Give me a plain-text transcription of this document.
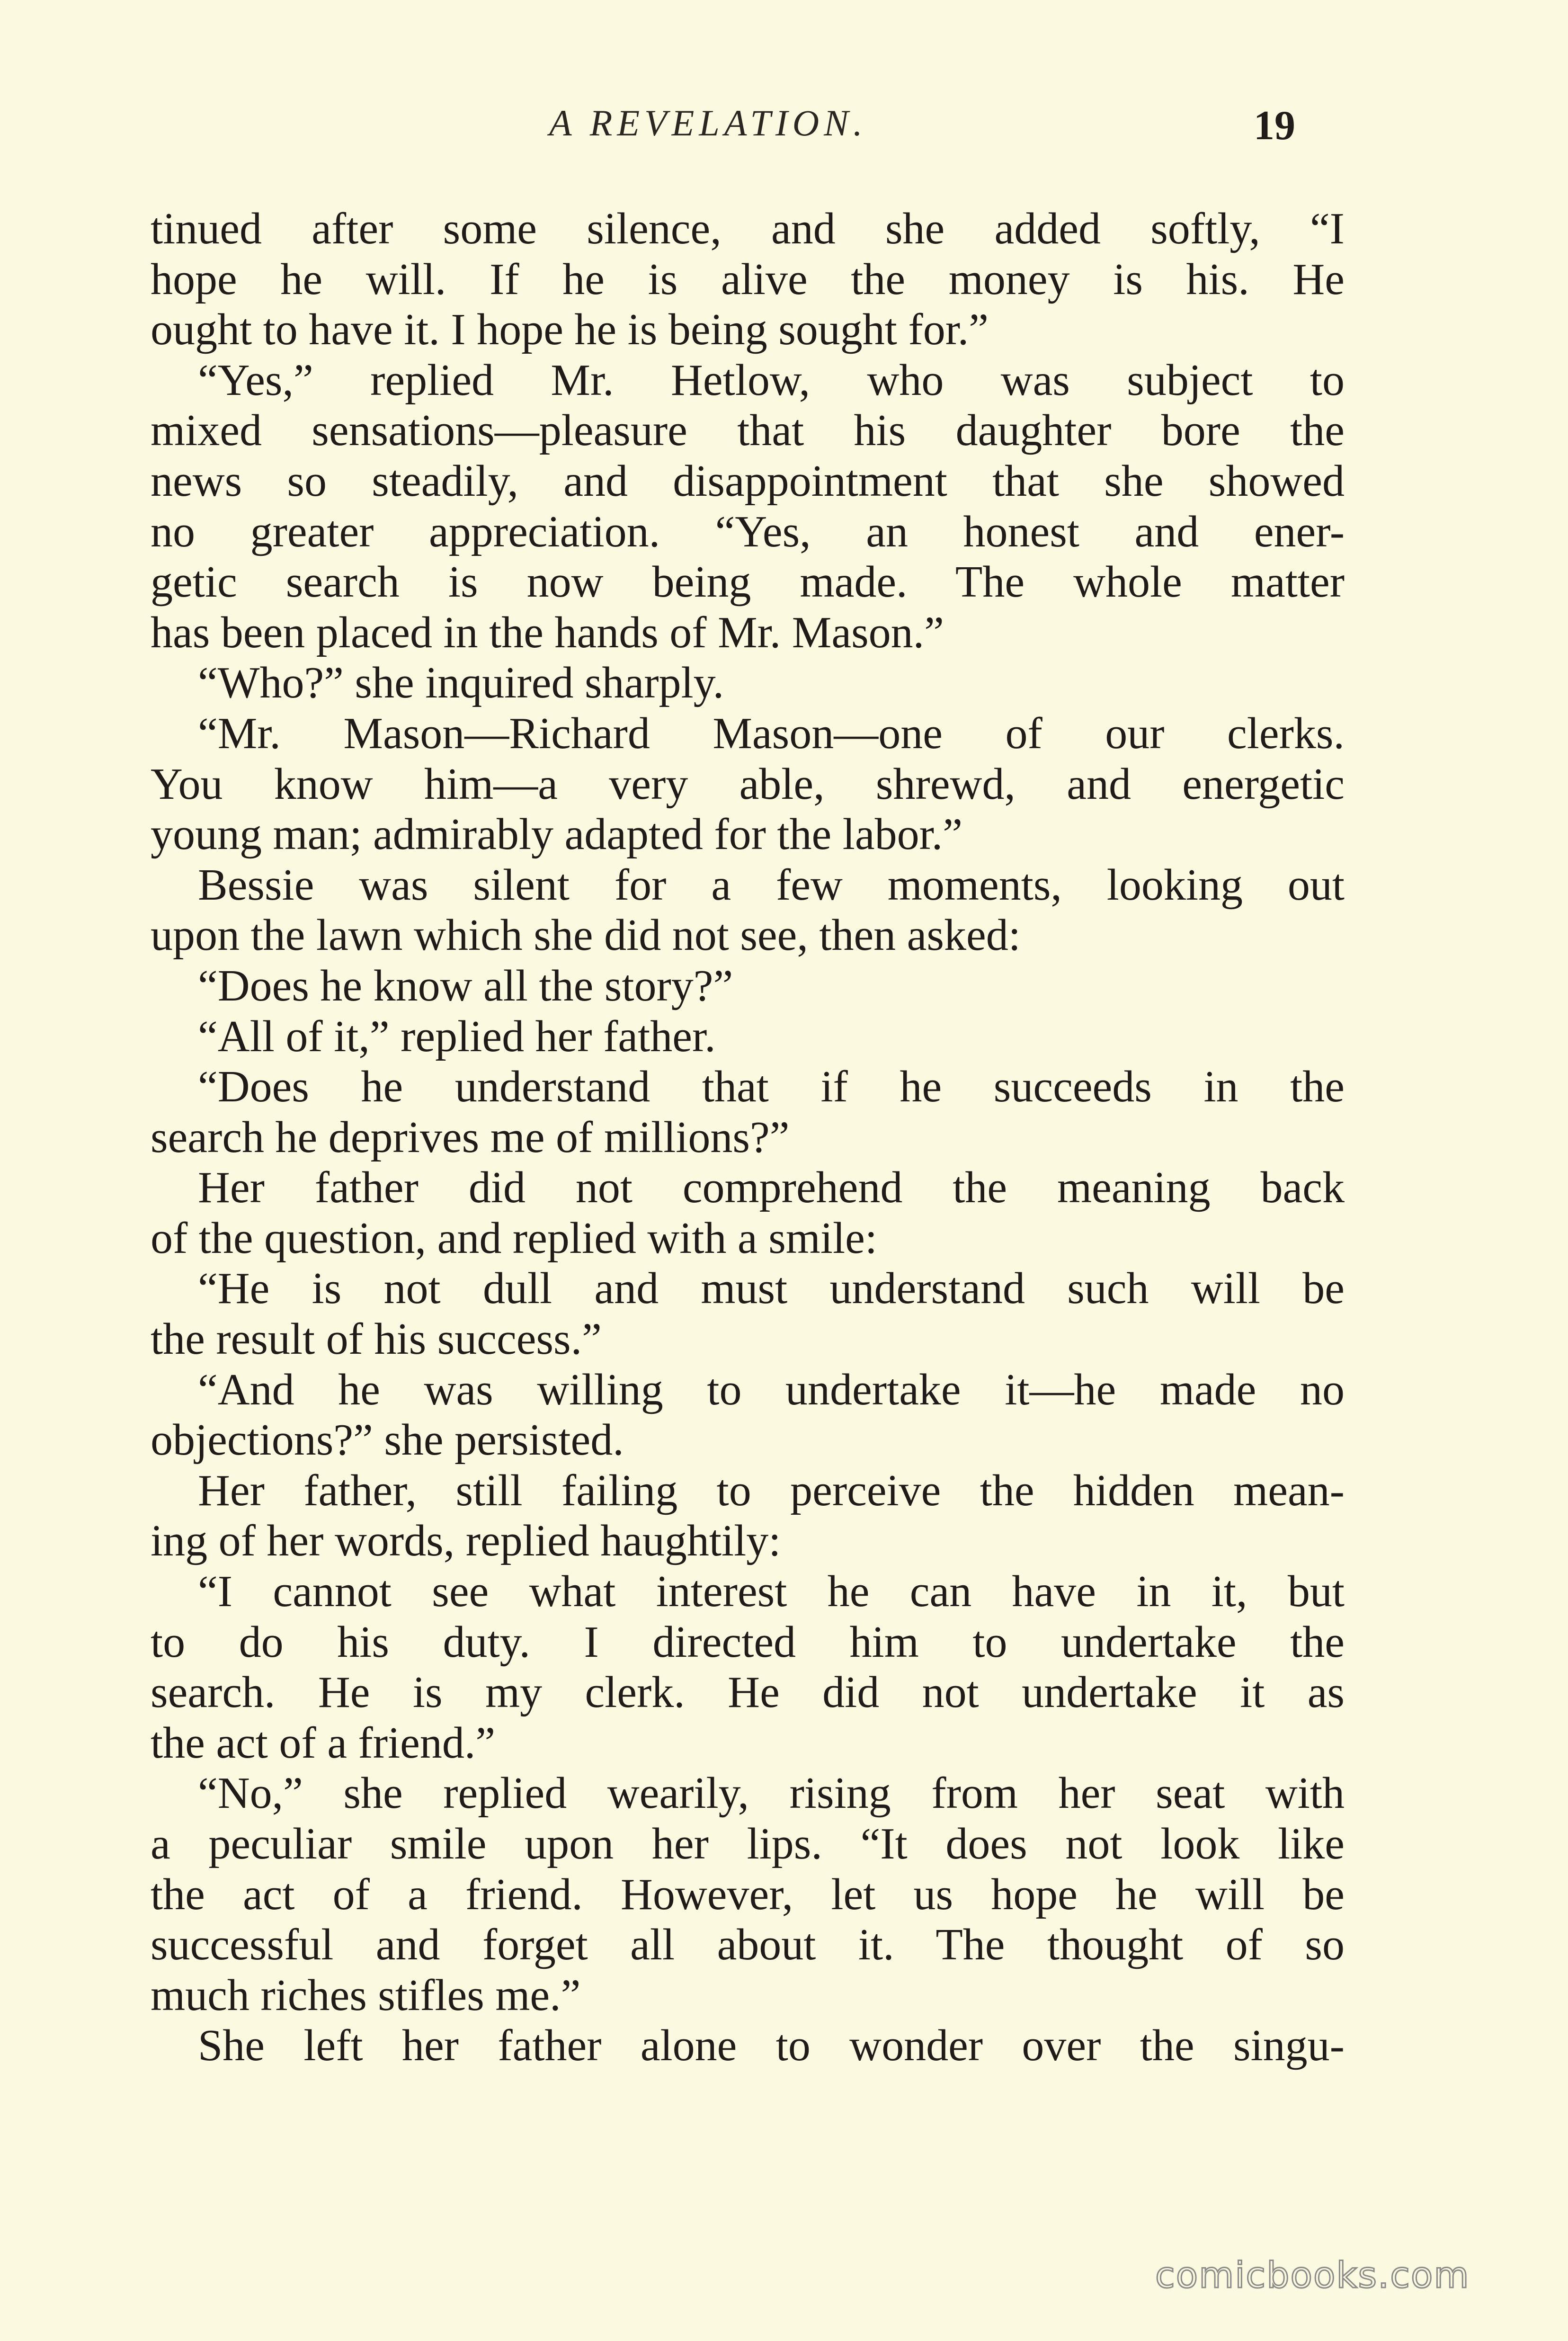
A REVELATION.	19
tinued after some silence, and she added softly, “I
hope he will. If he is alive the money is his. He
ought to have it. I hope he is being sought for.”
“Yes,” replied Mr. Hetlow, who was subject to
mixed sensations—pleasure that his daughter bore the
news so steadily, and disappointment that she showed
no greater appreciation. “Yes, an honest and ener-
getic search is now being made. The whole matter
has been placed in the hands of Mr. Mason.”
“Who?” she inquired sharply.
“Mr. Mason—Richard Mason—one of our clerks.
You know him—a very able, shrewd, and energetic
young man; admirably adapted for the labor.”
Bessie was silent for a few moments, looking out
upon the lawn which she did not see, then asked:
“Does he know all the story?”
“All of it,” replied her father.
“Does he understand that if he succeeds in the
search he deprives me of millions?”
Her father did not comprehend the meaning back
of the question, and replied with a smile:
“He is not dull and must understand such will be
the result of his success.”
“And he was willing to undertake it—he made no
objections?” she persisted.
Her father, still failing to perceive the hidden mean-
ing of her words, replied haughtily:
“I cannot see what interest he can have in it, but
to do his duty. I directed him to undertake the
search. He is my clerk. He did not undertake it as
the act of a friend.”
“No,” she replied wearily, rising from her seat with
a peculiar smile upon her lips. “It does not look like
the act of a friend. However, let us hope he will be
successful and forget all about it. The thought of so
much riches stifles me.”
She left her father alone to wonder over the singu-
comicbooks.com
